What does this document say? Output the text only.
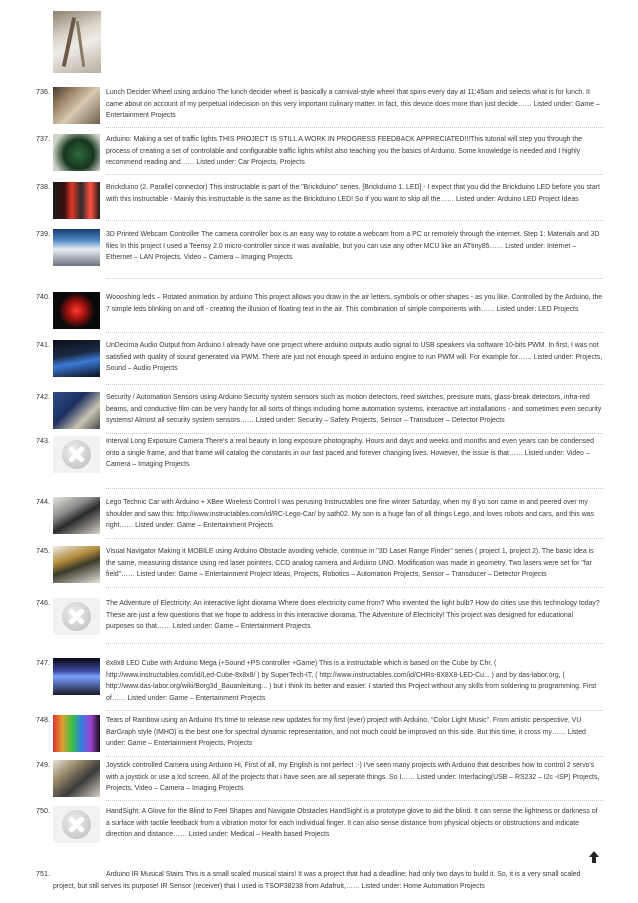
736.	Lunch Decider Wheel using arduino The lunch decider wheel is basically a carnival-style wheel that spins every day at 11:45am and selects what is for lunch. It came about on account of my perpetual indecision on this very important culinary matter. In fact, this device does more than just decide…… Listed under: Game – Entertainment Projects

737.	Arduino: Making a set of traffic lights THIS PROJECT IS STILL A WORK IN PROGRESS FEEDBACK APPRECIATED!!!This tutorial will step you through the process of creating a set of controlable and configurable traffic lights whilst also teaching you the basics of Arduino. Some knowledge is needed and I highly recommend reading and…… Listed under: Car Projects, Projects

738.	Brickduino (2. Parallel connector) This instructable is part of the "Brickduino" series. [Brickduino 1. LED] - I expect that you did the Brickduino LED before you start with this instructable - Mainly this instructable is the same as the Brickduino LED! So if you want to skip all the…… Listed under: Arduino LED Project Ideas

739.	3D Printed Webcam Controller The camera controller box is an easy way to rotate a webcam from a PC or remotely through the internet. Step 1: Materials and 3D files In this project I used a Teensy 2.0 micro-controller since it was available, but you can use any other MCU like an ATtiny85…… Listed under: Internet – Ethernet – LAN Projects, Video – Camera – Imaging Projects

740.	Woooshing leds – Rotated animation by arduino This project allows you draw in the air letters, symbols or other shapes - as you like. Controlled by the Arduino, the 7 simple leds blinking on and off - creating the illusion of floating text in the air. This combination of simple components with…… Listed under: LED Projects

741.	UnDecima Audio Output from Arduino I already have one project where arduino outputs audio signal to USB speakers via software 10-bits PWM. In first, I was not satisfied with quality of sound generated via PWM. There are just not enough speed in arduino engine to run PWM will. For example for…… Listed under: Projects, Sound – Audio Projects

742.	Security / Automation Sensors using Arduino Security system sensors such as motion detectors, reed switches, pressure mats, glass-break detectors, infra-red beams, and conductive film can be very handy for all sorts of things including home automation systems, interactive art installations - and sometimes even security systems! Almost all security system sensors…… Listed under: Security – Safety Projects, Sensor – Transducer – Detector Projects

743.	Interval Long Exposure Camera There's a real beauty in long exposure photography. Hours and days and weeks and months and even years can be condensed onto a single frame, and that frame will catalog the constants in our fast paced and forever changing lives. However, the issue is that…… Listed under: Video – Camera – Imaging Projects

744.	Lego Technic Car with Arduino + XBee Wireless Control I was perusing Instructables one fine winter Saturday, when my 8 yo son came in and peered over my shoulder and saw this: http://www.instructables.com/id/RC-Lego-Car/ by sath02. My son is a huge fan of all things Lego, and loves robots and cars, and this was right…… Listed under: Game – Entertainment Projects

745.	Visual Navigator Making it MOBILE using Arduino Obstacle avoiding vehicle, continue in "3D Laser Range Finder" series ( project 1, project 2). The basic idea is the same, measuring distance using red laser pointers, CCD analog camera and Arduino UNO. Modification was made in geometry. Two lasers were set for "far field"…… Listed under: Game – Entertainment Project Ideas, Projects, Robotics – Automation Projects, Sensor – Transducer – Detector Projects

746.	The Adventure of Electricity: An interactive light diorama Where does electricity come from? Who invented the light bulb? How do cities use this technology today? These are just a few questions that we hope to address in this interactive diorama, The Adventure of Electricity! This project was designed for educational purposes so that…… Listed under: Game – Entertainment Projects

747.	8x8x8 LED Cube with Arduino Mega (+Sound +PS controller +Game) This is a instructable which is based on the Cube by Chr, ( http://www.instructables.com/id/Led-Cube-8x8x8/ ) by SuperTech-IT, ( http://www.instructables.com/id/CHRs-8X8X8-LED-Cu... ) and by das-labor.org, ( http://www.das-labor.org/wiki/Borg3d_Bauanleitung... ) but i think its better and easier. I started this Project without any skills from soldering to programming. First of…… Listed under: Game – Entertainment Projects

748.	Tears of Rainbow using an Arduino It's time to release new updates for my first (ever) project with Arduino, "Color Light Music". From artistic perspective, VU BarGraph style (IMHO) is the best one for spectral dynamic representation, and not much could be improved on this side. But this time, it cross my…… Listed under: Game – Entertainment Projects, Projects

749.	Joystick controlled Camera using Arduino Hi, First of all, my English is not perfect :-) I've seen many projects with Arduino that describes how to control 2 servo's with a joystick or use a lcd screen. All of the projects that i have seen are all seperate things. So I…… Listed under: Interfacing(USB – RS232 – I2c -ISP) Projects, Projects, Video – Camera – Imaging Projects

750.	HandSight: A Glove for the Blind to Feel Shapes and Navigate Obstacles HandSight is a prototype glove to aid the blind. It can sense the lightness or darkness of a surface with tactile feedback from a vibration motor for each individual finger. It can also sense distance from physical objects or obstructions and indicate direction and distance…… Listed under: Medical – Health based Projects

751.	Arduino IR Musical Stairs This is a small scaled musical stairs! It was a project that had a deadline; had only two days to build it. So, it is a very small scaled project, but still serves its purpose! IR Sensor (receiver) that I used is TSOP38238 from Adafruit,…… Listed under: Home Automation Projects
